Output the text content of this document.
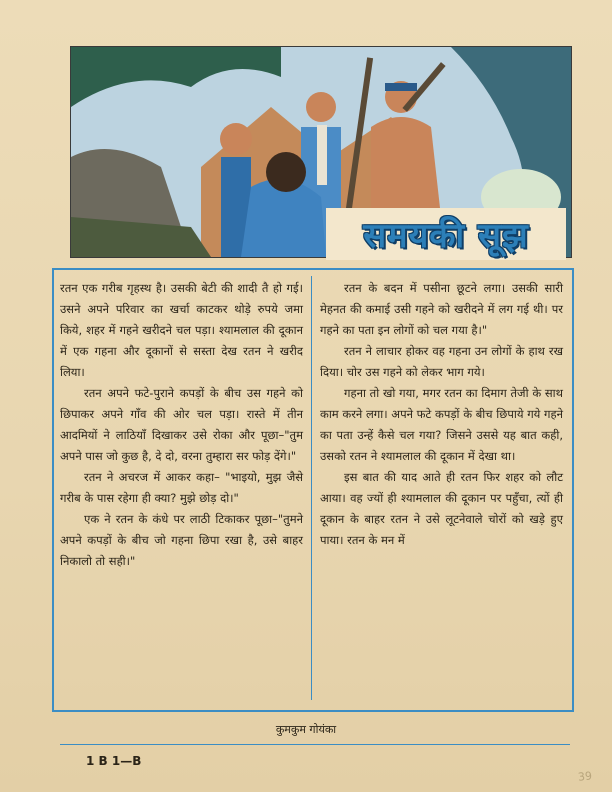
समयकी सूझ

रतन एक गरीब गृहस्थ है। उसकी बेटी की शादी तै हो गई। उसने अपने परिवार का खर्चा काटकर थोड़े रुपये जमा किये, शहर में गहने खरीदने चल पड़ा। श्यामलाल की दूकान में एक गहना और दूकानों से सस्ता देख रतन ने खरीद लिया।

रतन अपने फटे-पुराने कपड़ों के बीच उस गहने को छिपाकर अपने गाँव की ओर चल पड़ा। रास्ते में तीन आदमियों ने लाठियाँ दिखाकर उसे रोका और पूछा–"तुम अपने पास जो कुछ है, दे दो, वरना तुम्हारा सर फोड़ देंगे।"

रतन ने अचरज में आकर कहा– "भाइयो, मुझ जैसे गरीब के पास रहेगा ही क्या? मुझे छोड़ दो।"

एक ने रतन के कंधे पर लाठी टिकाकर पूछा–"तुमने अपने कपड़ों के बीच जो गहना छिपा रखा है, उसे बाहर निकालो तो सही।"

रतन के बदन में पसीना छूटने लगा। उसकी सारी मेहनत की कमाई उसी गहने को खरीदने में लग गई थी। पर गहने का पता इन लोगों को चल गया है।"

रतन ने लाचार होकर वह गहना उन लोगों के हाथ रख दिया। चोर उस गहने को लेकर भाग गये।

गहना तो खो गया, मगर रतन का दिमाग तेजी के साथ काम करने लगा। अपने फटे कपड़ों के बीच छिपाये गये गहने का पता उन्हें कैसे चल गया? जिसने उससे यह बात कही, उसको रतन ने श्यामलाल की दूकान में देखा था।

इस बात की याद आते ही रतन फिर शहर को लौट आया। वह ज्यों ही श्यामलाल की दूकान पर पहुँचा, त्यों ही दूकान के बाहर रतन ने उसे लूटनेवाले चोरों को खड़े हुए पाया। रतन के मन में

कुमकुम गोयंका
1 B 1—B
39
